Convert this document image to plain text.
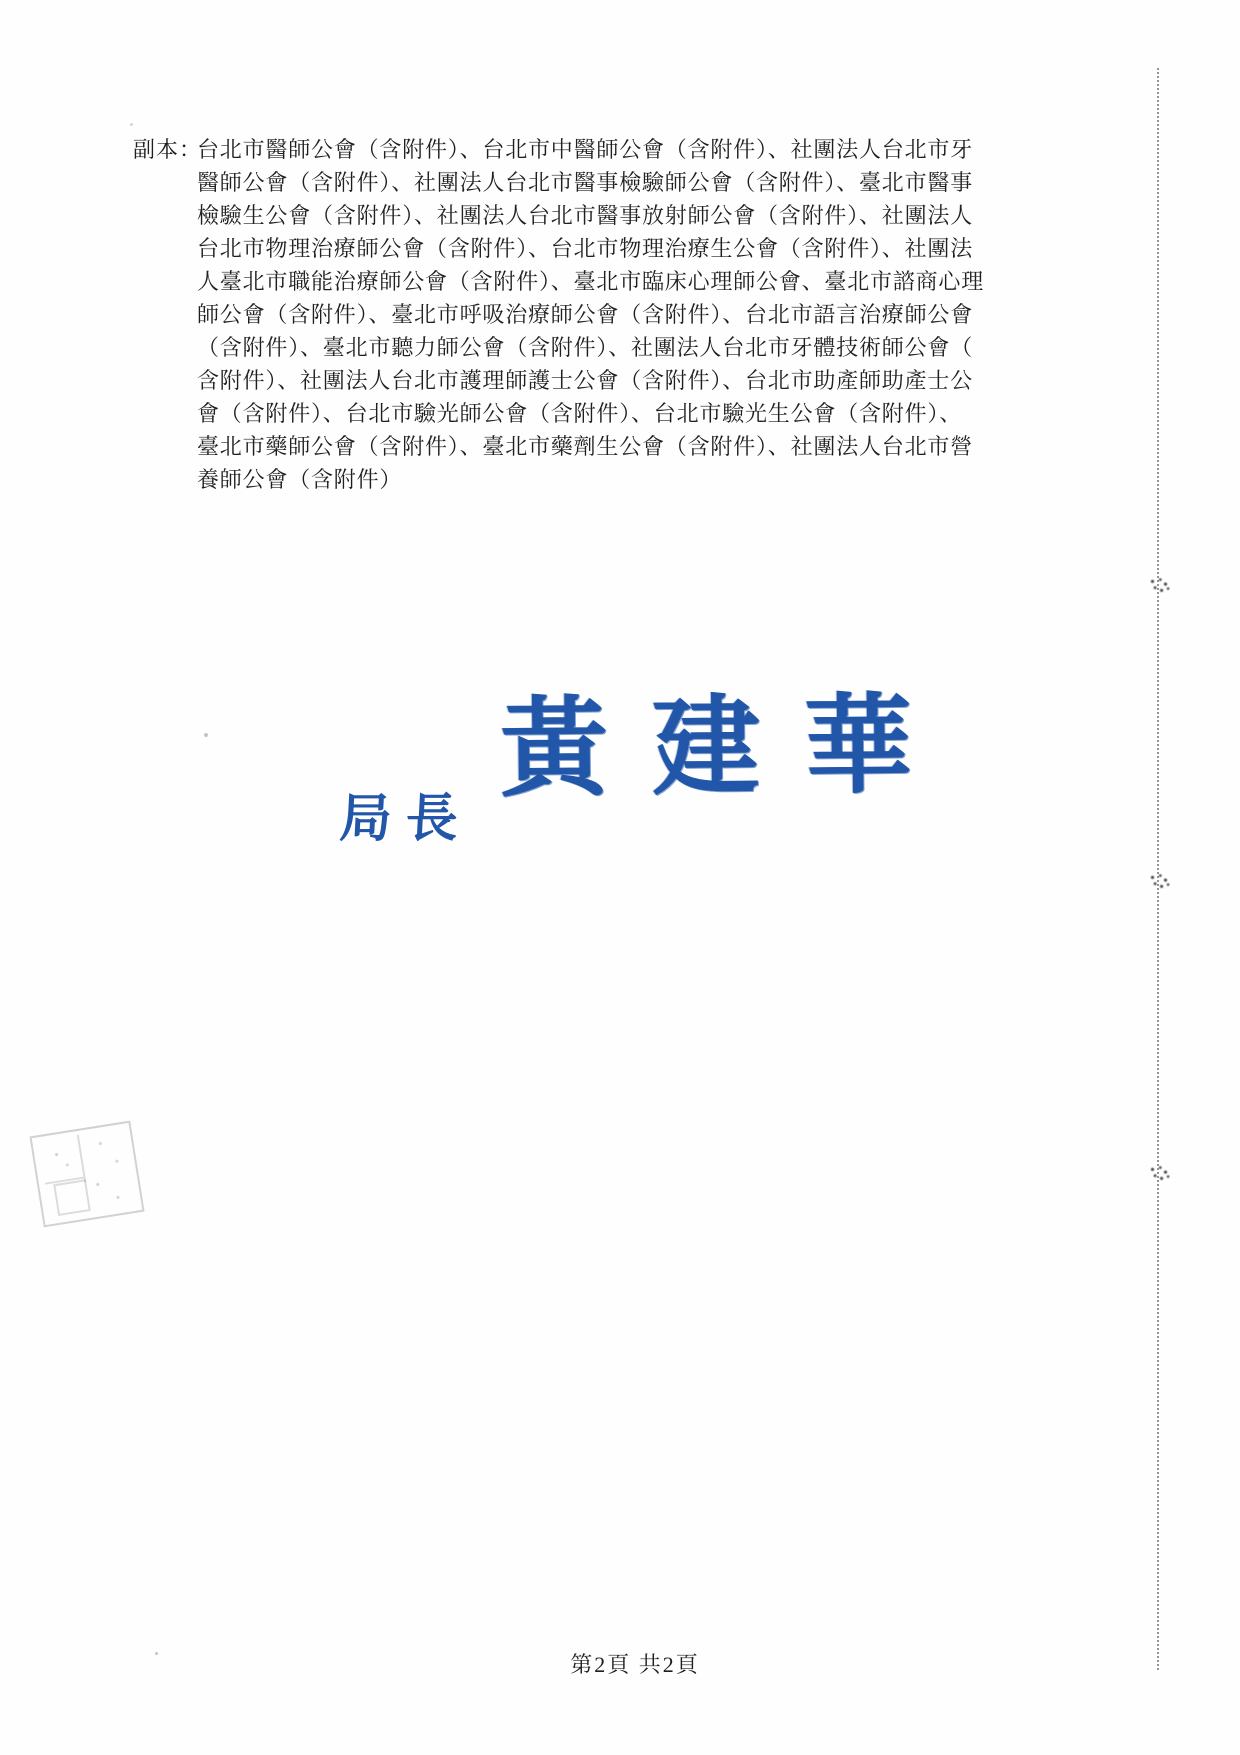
副本：
台北市醫師公會（含附件）、台北市中醫師公會（含附件）、社團法人台北市牙
醫師公會（含附件）、社團法人台北市醫事檢驗師公會（含附件）、臺北市醫事
檢驗生公會（含附件）、社團法人台北市醫事放射師公會（含附件）、社團法人
台北市物理治療師公會（含附件）、台北市物理治療生公會（含附件）、社團法
人臺北市職能治療師公會（含附件）、臺北市臨床心理師公會、臺北市諮商心理
師公會（含附件）、臺北市呼吸治療師公會（含附件）、台北市語言治療師公會
（含附件）、臺北市聽力師公會（含附件）、社團法人台北市牙體技術師公會（
含附件）、社團法人台北市護理師護士公會（含附件）、台北市助產師助產士公
會（含附件）、台北市驗光師公會（含附件）、台北市驗光生公會（含附件）、
臺北市藥師公會（含附件）、臺北市藥劑生公會（含附件）、社團法人台北市營
養師公會（含附件）
局長黃建華
第2頁 共2頁
